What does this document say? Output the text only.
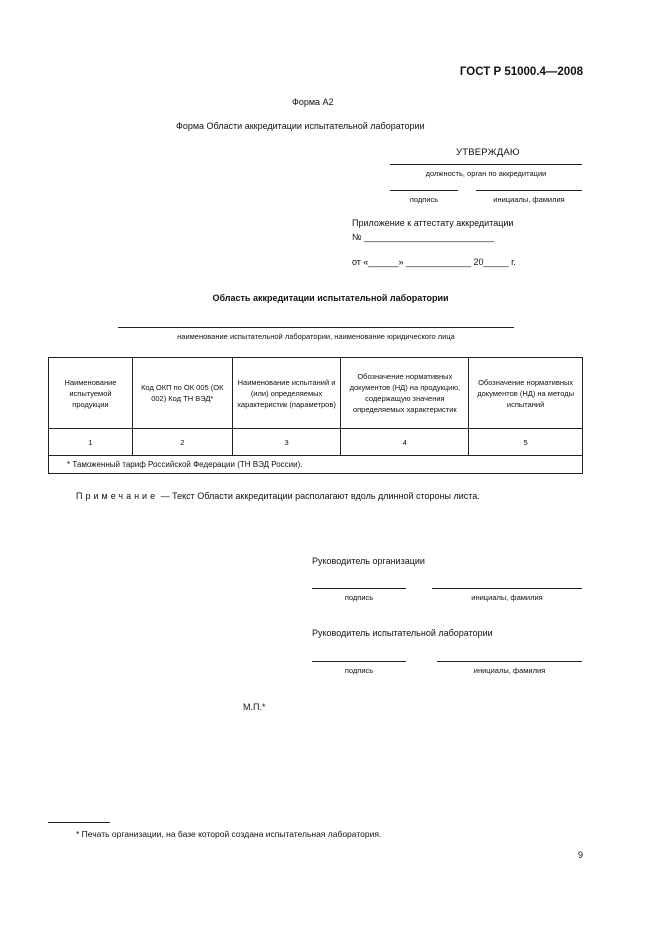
ГОСТ Р 51000.4—2008
Форма А2
Форма Области аккредитации испытательной лаборатории
УТВЕРЖДАЮ
должность, орган по аккредитации
подпись	инициалы, фамилия
Приложение к аттестату аккредитации
№ __________________________
от «______» _____________ 20_____ г.
Область аккредитации испытательной лаборатории
наименование испытательной лаборатории, наименование юридического лица
Наименование испытуемой продукции	Код ОКП по ОК 005 (ОК 002) Код ТН ВЭД*	Наименование испытаний и (или) определяемых характеристик (параметров)	Обозначение нормативных документов (НД) на продукцию, содержащую значения определяемых характеристик	Обозначение нормативных документов (НД) на методы испытаний
1	2	3	4	5
* Таможенный тариф Российской Федерации (ТН ВЭД России).				
Примечание — Текст Области аккредитации располагают вдоль длинной стороны листа.
Руководитель организации
подпись	инициалы, фамилия
Руководитель испытательной лаборатории
подпись	инициалы, фамилия
М.П.*
* Печать организации, на базе которой создана испытательная лаборатория.
9
